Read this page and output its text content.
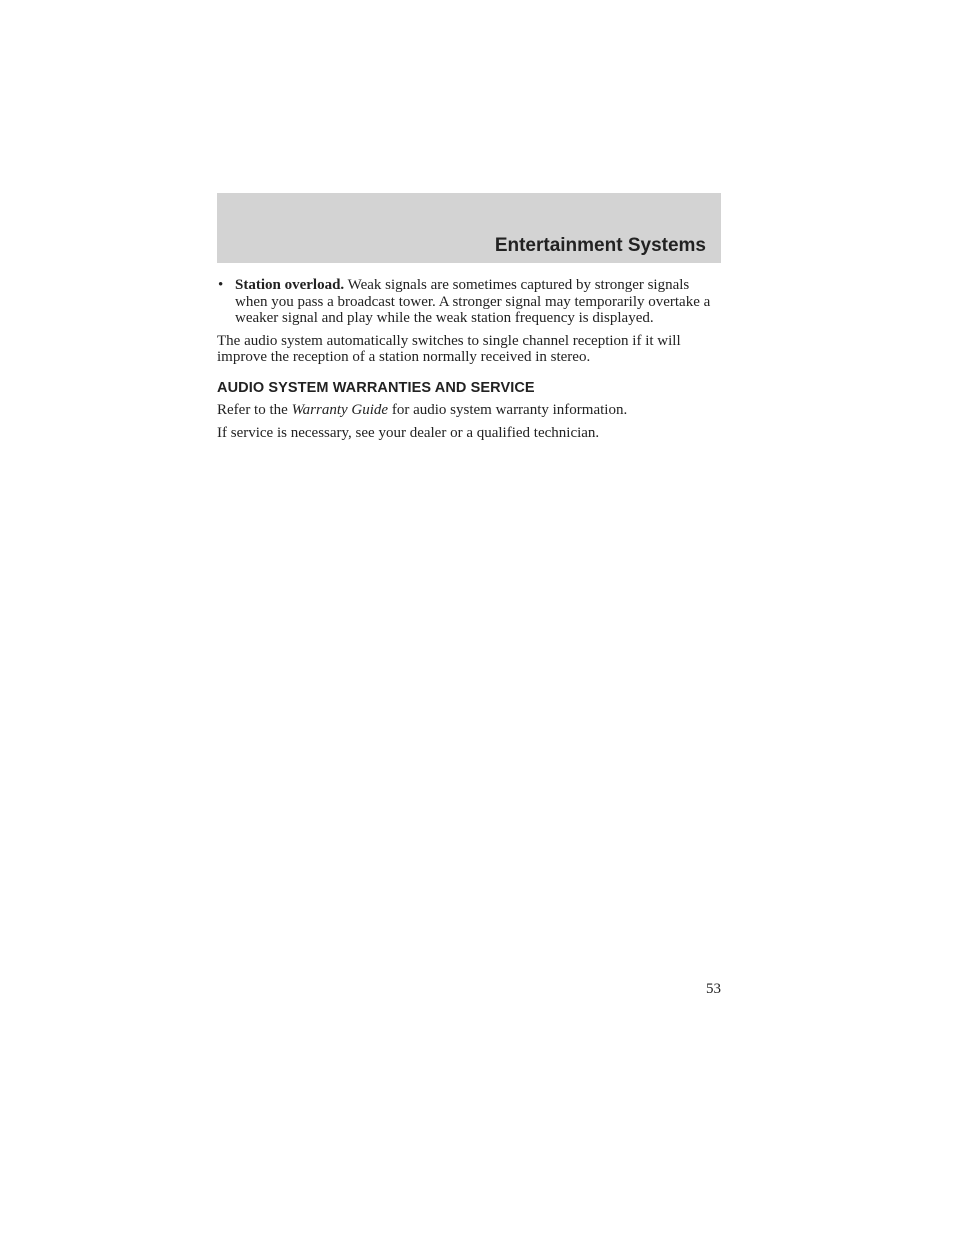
Entertainment Systems
• Station overload. Weak signals are sometimes captured by stronger signals when you pass a broadcast tower. A stronger signal may temporarily overtake a weaker signal and play while the weak station frequency is displayed.

The audio system automatically switches to single channel reception if it will improve the reception of a station normally received in stereo.

AUDIO SYSTEM WARRANTIES AND SERVICE

Refer to the Warranty Guide for audio system warranty information.

If service is necessary, see your dealer or a qualified technician.

53
